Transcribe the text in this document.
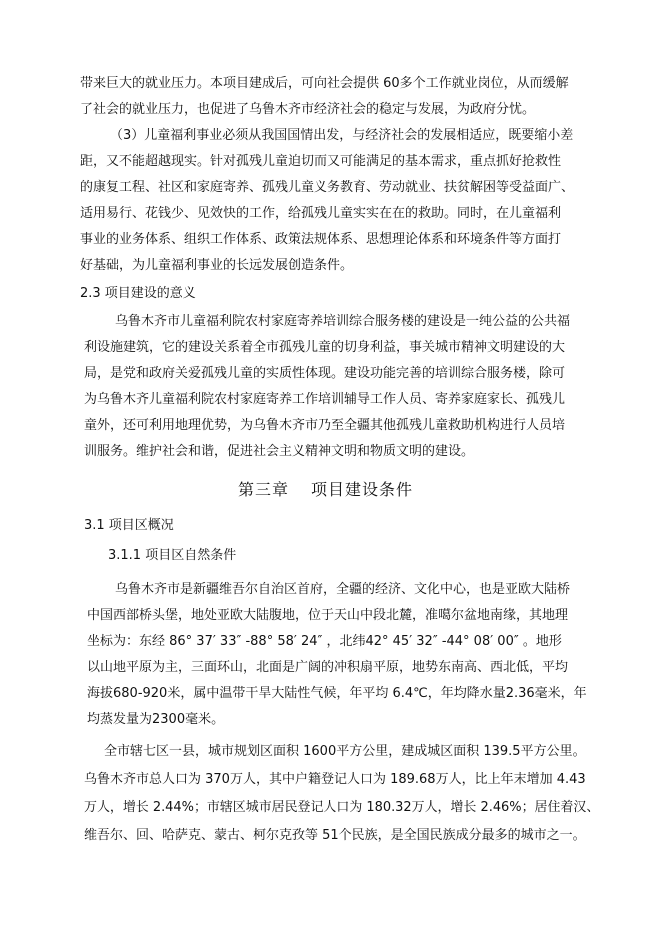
带来巨大的就业压力。本项目建成后，可向社会提供 60多个工作就业岗位，从而缓解
了社会的就业压力，也促进了乌鲁木齐市经济社会的稳定与发展，为政府分忧。
（3）儿童福利事业必须从我国国情出发，与经济社会的发展相适应，既要缩小差
距，又不能超越现实。针对孤残儿童迫切而又可能满足的基本需求，重点抓好抢救性
的康复工程、社区和家庭寄养、孤残儿童义务教育、劳动就业、扶贫解困等受益面广、
适用易行、花钱少、见效快的工作，给孤残儿童实实在在的救助。同时，在儿童福利
事业的业务体系、组织工作体系、政策法规体系、思想理论体系和环境条件等方面打
好基础，为儿童福利事业的长远发展创造条件。
2.3 项目建设的意义
乌鲁木齐市儿童福利院农村家庭寄养培训综合服务楼的建设是一纯公益的公共福
利设施建筑，它的建设关系着全市孤残儿童的切身利益，事关城市精神文明建设的大
局，是党和政府关爱孤残儿童的实质性体现。建设功能完善的培训综合服务楼，除可
为乌鲁木齐儿童福利院农村家庭寄养工作培训辅导工作人员、寄养家庭家长、孤残儿
童外，还可利用地理优势，为乌鲁木齐市乃至全疆其他孤残儿童救助机构进行人员培
训服务。维护社会和谐，促进社会主义精神文明和物质文明的建设。
第三章 项目建设条件
3.1 项目区概况
3.1.1 项目区自然条件
乌鲁木齐市是新疆维吾尔自治区首府，全疆的经济、文化中心，也是亚欧大陆桥
中国西部桥头堡，地处亚欧大陆腹地，位于天山中段北麓，准噶尔盆地南缘，其地理
坐标为：东经 86° 37′ 33″ -88° 58′ 24″ ，北纬42° 45′ 32″ -44° 08′ 00″ 。地形
以山地平原为主，三面环山，北面是广阔的冲积扇平原，地势东南高、西北低，平均
海拔680-920米，属中温带干旱大陆性气候，年平均 6.4℃，年均降水量2.36毫米，年
均蒸发量为2300毫米。
全市辖七区一县，城市规划区面积 1600平方公里，建成城区面积 139.5平方公里。
乌鲁木齐市总人口为 370万人，其中户籍登记人口为 189.68万人，比上年末增加 4.43
万人，增长 2.44%；市辖区城市居民登记人口为 180.32万人，增长 2.46%；居住着汉、
维吾尔、回、哈萨克、蒙古、柯尔克孜等 51个民族，是全国民族成分最多的城市之一。
